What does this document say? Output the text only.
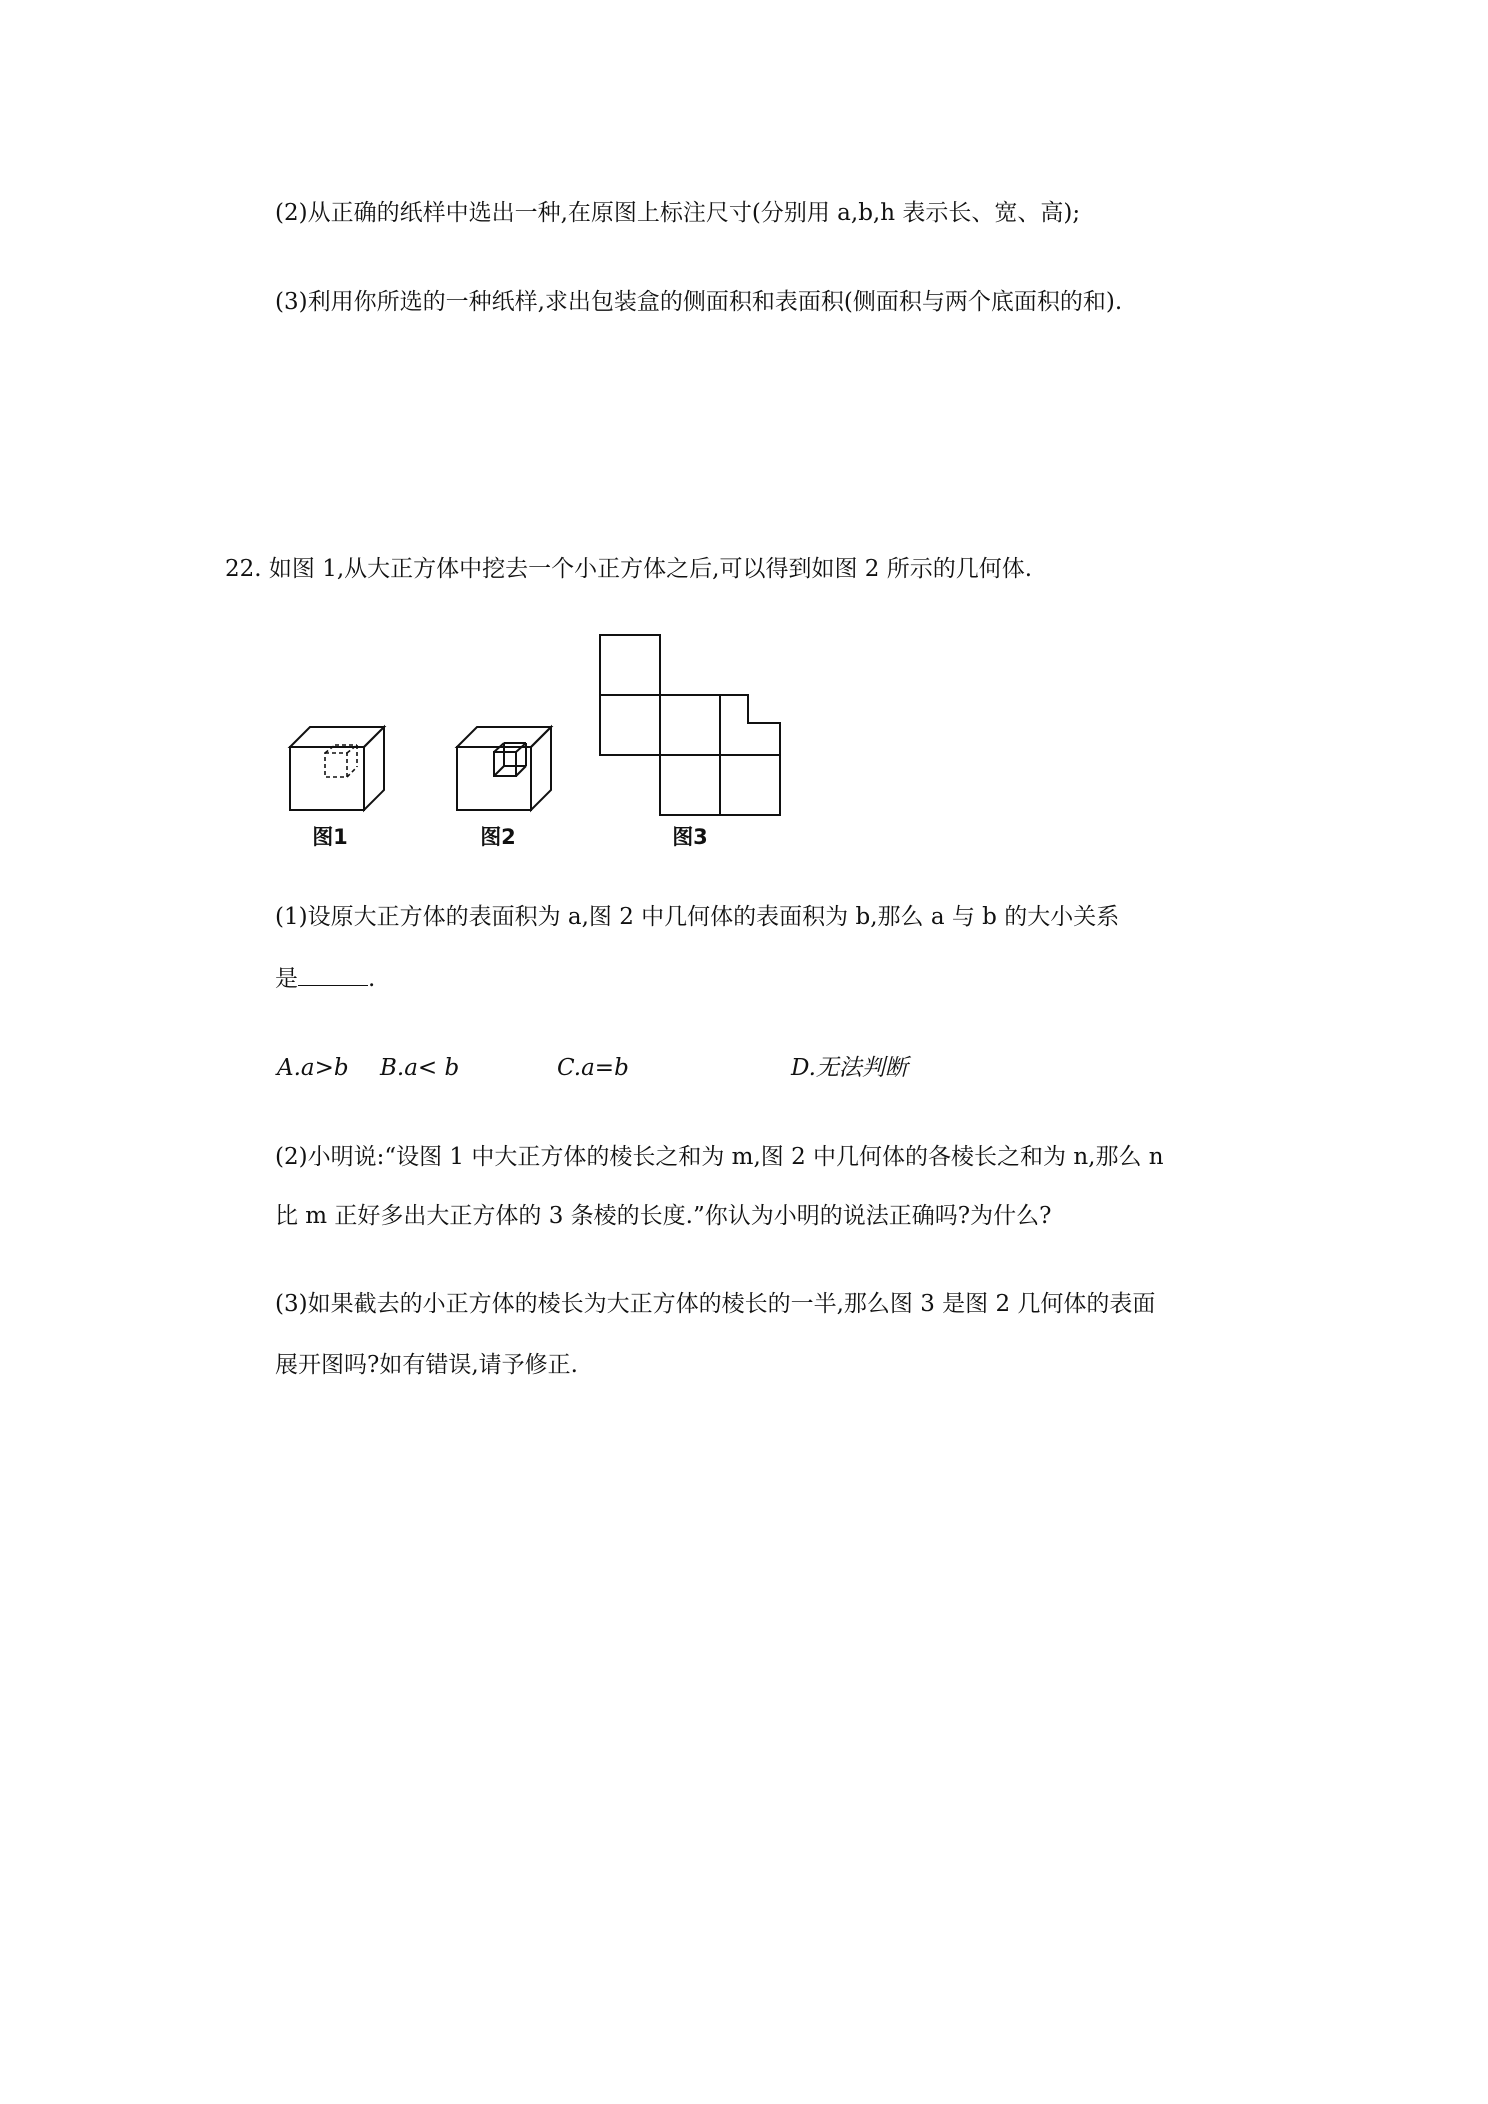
(2)从正确的纸样中选出一种,在原图上标注尺寸(分别用 a,b,h 表示长、宽、高);
(3)利用你所选的一种纸样,求出包装盒的侧面积和表面积(侧面积与两个底面积的和).
22. 如图 1,从大正方体中挖去一个小正方体之后,可以得到如图 2 所示的几何体.
图1	图2	图3
(1)设原大正方体的表面积为 a,图 2 中几何体的表面积为 b,那么 a 与 b 的大小关系
是	.
A.a>b B.a< b	C.a=b	D.无法判断
(2)小明说:“设图 1 中大正方体的棱长之和为 m,图 2 中几何体的各棱长之和为 n,那么 n
比 m 正好多出大正方体的 3 条棱的长度.”你认为小明的说法正确吗?为什么?
(3)如果截去的小正方体的棱长为大正方体的棱长的一半,那么图 3 是图 2 几何体的表面
展开图吗?如有错误,请予修正.
